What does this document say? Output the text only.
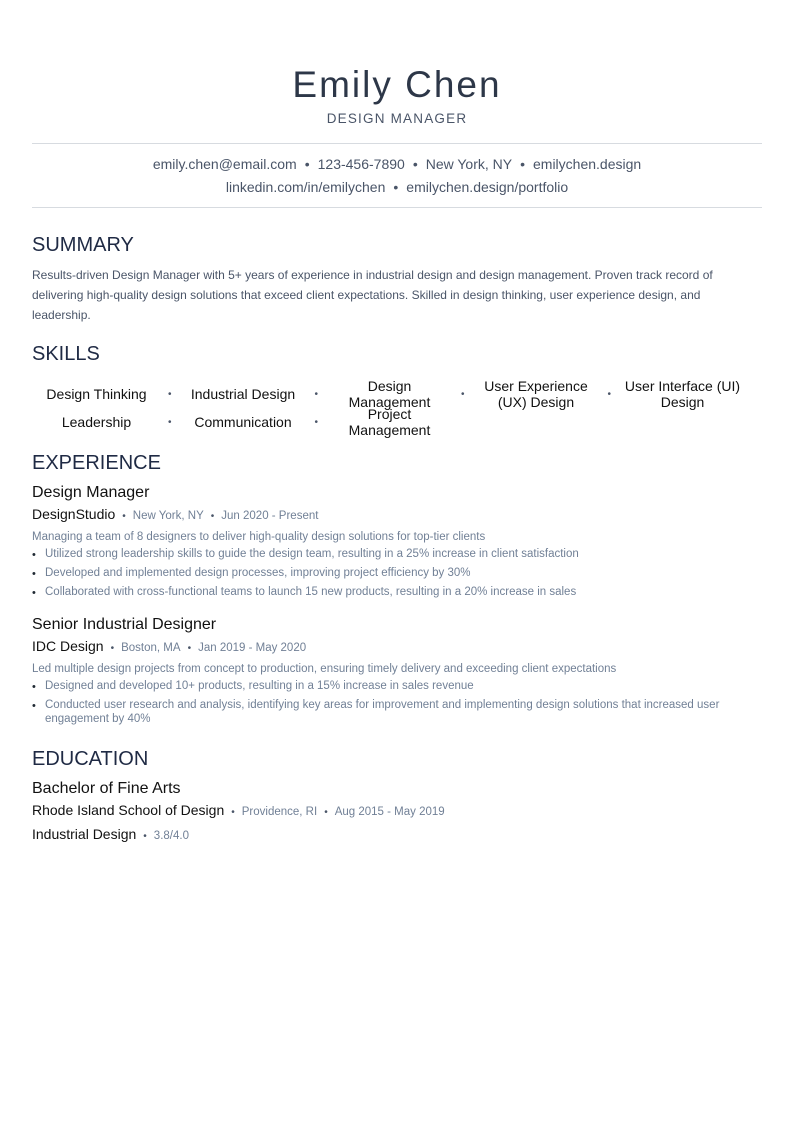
Emily Chen
DESIGN MANAGER
emily.chen@email.com • 123-456-7890 • New York, NY • emilychen.design
linkedin.com/in/emilychen • emilychen.design/portfolio
SUMMARY

Results-driven Design Manager with 5+ years of experience in industrial design and design management. Proven track record of delivering high-quality design solutions that exceed client expectations. Skilled in design thinking, user experience design, and leadership.

SKILLS
Design Thinking	•	Industrial Design	•	Design Management	•	User Experience (UX) Design	• User Interface (UI) Design
Leadership	•	Communication	•	Project Management
EXPERIENCE
Design Manager
DesignStudio • New York, NY • Jun 2020 - Present
Managing a team of 8 designers to deliver high-quality design solutions for top-tier clients
• Utilized strong leadership skills to guide the design team, resulting in a 25% increase in client satisfaction
• Developed and implemented design processes, improving project efficiency by 30%
• Collaborated with cross-functional teams to launch 15 new products, resulting in a 20% increase in sales
Senior Industrial Designer
IDC Design • Boston, MA • Jan 2019 - May 2020
Led multiple design projects from concept to production, ensuring timely delivery and exceeding client expectations
• Designed and developed 10+ products, resulting in a 15% increase in sales revenue
• Conducted user research and analysis, identifying key areas for improvement and implementing design solutions that increased user engagement by 40%
EDUCATION
Bachelor of Fine Arts
Rhode Island School of Design • Providence, RI • Aug 2015 - May 2019
Industrial Design • 3.8/4.0
